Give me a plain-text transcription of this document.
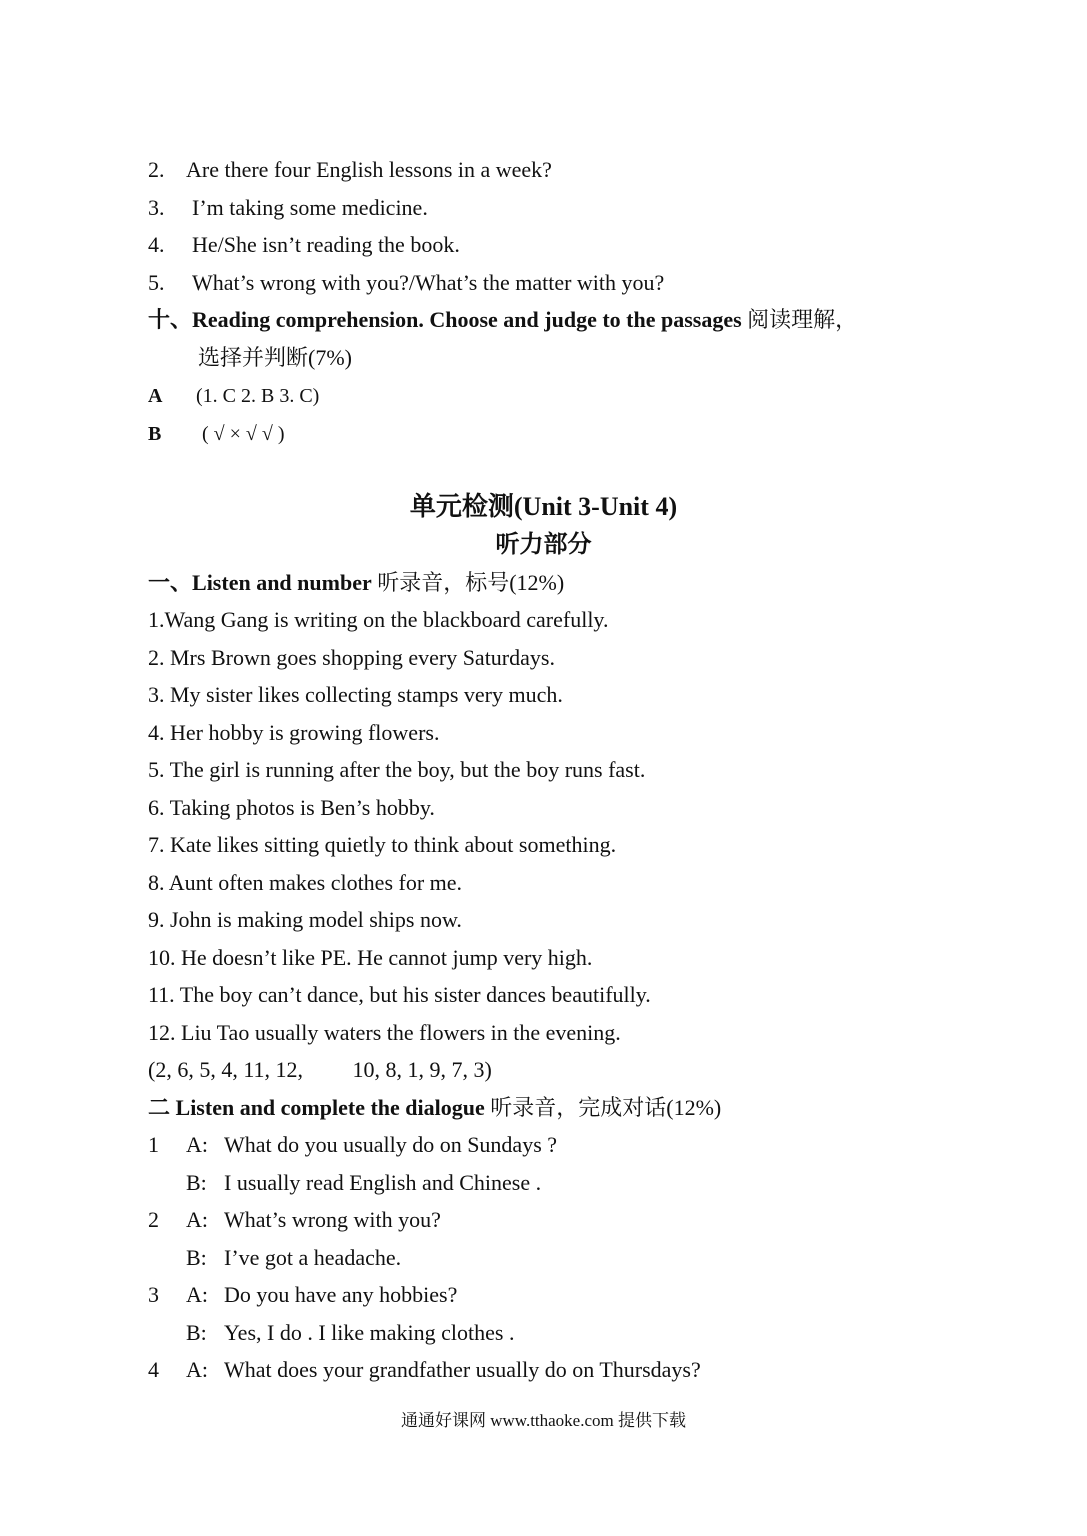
2. Are there four English lessons in a week?
3. I’m taking some medicine.
4. He/She isn’t reading the book.
5. What’s wrong with you?/What’s the matter with you?
十、Reading comprehension. Choose and judge to the passages 阅读理解，
选择并判断(7%)
A (1. C 2. B 3. C)
B ( √ × √ √ )
单元检测(Unit 3-Unit 4)
听力部分
一、Listen and number 听录音，标号(12%)
1.Wang Gang is writing on the blackboard carefully.
2. Mrs Brown goes shopping every Saturdays.
3. My sister likes collecting stamps very much.
4. Her hobby is growing flowers.
5. The girl is running after the boy, but the boy runs fast.
6. Taking photos is Ben’s hobby.
7. Kate likes sitting quietly to think about something.
8. Aunt often makes clothes for me.
9. John is making model ships now.
10. He doesn’t like PE. He cannot jump very high.
11. The boy can’t dance, but his sister dances beautifully.
12. Liu Tao usually waters the flowers in the evening.
(2, 6, 5, 4, 11, 12,         10, 8, 1, 9, 7, 3)
二 Listen and complete the dialogue 听录音，完成对话(12%)
1 A: What do you usually do on Sundays ?
B: I usually read English and Chinese .
2 A: What’s wrong with you?
B: I’ve got a headache.
3 A: Do you have any hobbies?
B: Yes, I do . I like making clothes .
4 A: What does your grandfather usually do on Thursdays?
通通好课网 www.tthaoke.com 提供下载
